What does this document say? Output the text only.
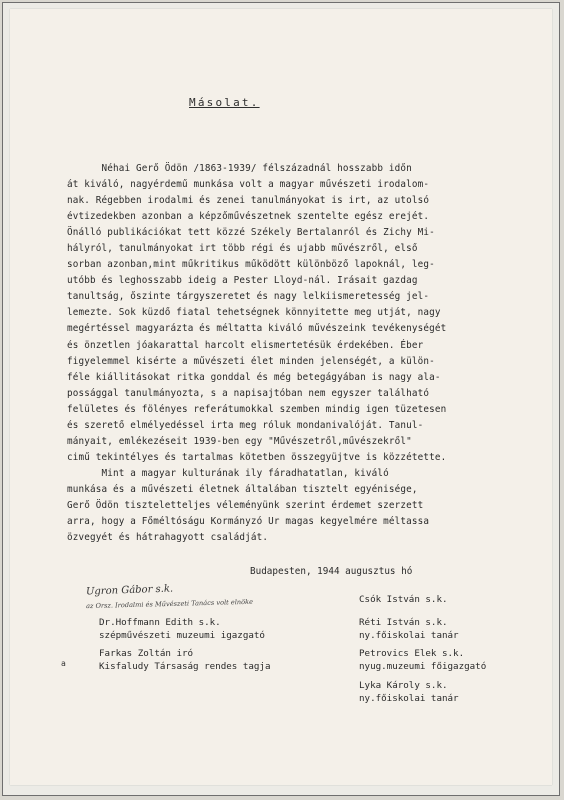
Másolat.
Néhai Gerő Ödön /1863-1939/ félszázadnál hosszabb időn
át kiváló, nagyérdemű munkása volt a magyar művészeti irodalom-
nak. Régebben irodalmi és zenei tanulmányokat is irt, az utolsó
évtizedekben azonban a képzőművészetnek szentelte egész erejét.
Önálló publikációkat tett közzé Székely Bertalanról és Zichy Mi-
hályról, tanulmányokat irt több régi és ujabb művészről, első
sorban azonban,mint műkritikus működött különböző lapoknál, leg-
utóbb és leghosszabb ideig a Pester Lloyd-nál. Irásait gazdag
tanultság, őszinte tárgyszeretet és nagy lelkiismeretesség jel-
lemezte. Sok küzdő fiatal tehetségnek könnyitette meg utját, nagy
megértéssel magyarázta és méltatta kiváló művészeink tevékenységét
és önzetlen jóakarattal harcolt elismertetésük érdekében. Éber
figyelemmel kisérte a művészeti élet minden jelenségét, a külön-
féle kiállitásokat ritka gonddal és még betegágyában is nagy ala-
possággal tanulmányozta, s a napisajtóban nem egyszer található
felületes és fölényes referátumokkal szemben mindig igen tüzetesen
és szerető elmélyedéssel irta meg róluk mondanivalóját. Tanul-
mányait, emlékezéseit 1939-ben egy "Művészetről,művészekről"
cimű tekintélyes és tartalmas kötetben összegyüjtve is közzétette.
Mint a magyar kulturának ily fáradhatatlan, kiváló
munkása és a művészeti életnek általában tisztelt egyénisége,
Gerő Ödön tiszteletteljes véleményünk szerint érdemet szerzett
arra, hogy a Főméltóságu Kormányzó Ur magas kegyelmére méltassa
özvegyét és hátrahagyott családját.
Budapesten, 1944 augusztus hó
Ugron Gábor s.k.
az Orsz. Irodalmi és Művészeti Tanács volt elnöke	Csók István s.k.
Réti István s.k.
ny.főiskolai tanár
Dr.Hoffmann Edith s.k.
szépművészeti muzeumi igazgató
Farkas Zoltán iró
Kisfaludy Társaság rendes tagja
a
Petrovics Elek s.k.
nyug.muzeumi főigazgató
Lyka Károly s.k.
ny.főiskolai tanár
